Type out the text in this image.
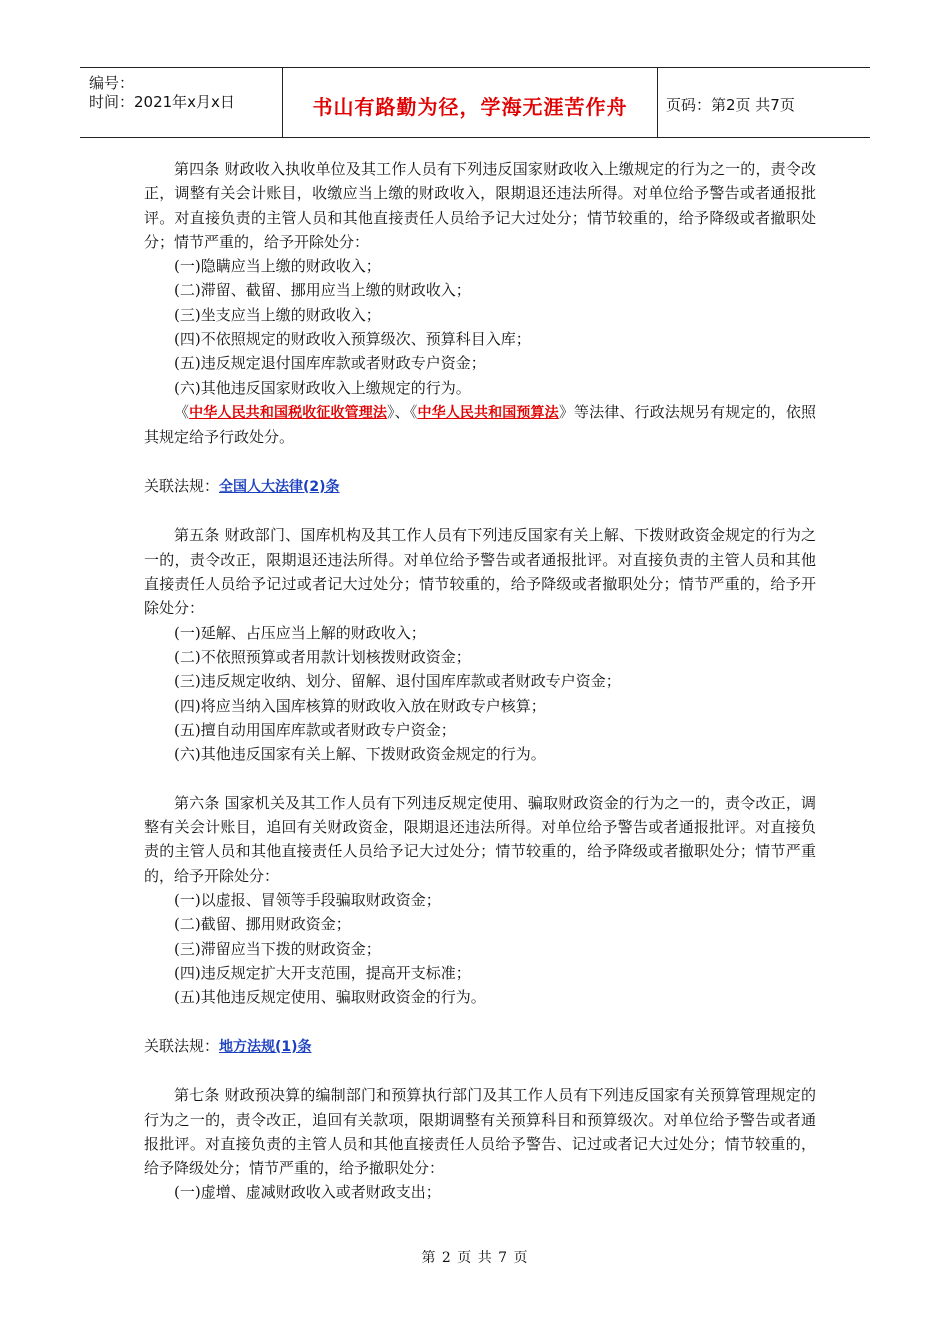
编号：
时间：2021年x月x日	书山有路勤为径，学海无涯苦作舟	页码：第2页 共7页

第四条 财政收入执收单位及其工作人员有下列违反国家财政收入上缴规定的行为之一的，责令改正，调整有关会计账目，收缴应当上缴的财政收入，限期退还违法所得。对单位给予警告或者通报批评。对直接负责的主管人员和其他直接责任人员给予记大过处分；情节较重的，给予降级或者撤职处分；情节严重的，给予开除处分：

(一)隐瞒应当上缴的财政收入；

(二)滞留、截留、挪用应当上缴的财政收入；

(三)坐支应当上缴的财政收入；

(四)不依照规定的财政收入预算级次、预算科目入库；

(五)违反规定退付国库库款或者财政专户资金；

(六)其他违反国家财政收入上缴规定的行为。

《中华人民共和国税收征收管理法》、《中华人民共和国预算法》等法律、行政法规另有规定的，依照其规定给予行政处分。

关联法规：全国人大法律(2)条

第五条 财政部门、国库机构及其工作人员有下列违反国家有关上解、下拨财政资金规定的行为之一的，责令改正，限期退还违法所得。对单位给予警告或者通报批评。对直接负责的主管人员和其他直接责任人员给予记过或者记大过处分；情节较重的，给予降级或者撤职处分；情节严重的，给予开除处分：

(一)延解、占压应当上解的财政收入；

(二)不依照预算或者用款计划核拨财政资金；

(三)违反规定收纳、划分、留解、退付国库库款或者财政专户资金；

(四)将应当纳入国库核算的财政收入放在财政专户核算；

(五)擅自动用国库库款或者财政专户资金；

(六)其他违反国家有关上解、下拨财政资金规定的行为。

第六条 国家机关及其工作人员有下列违反规定使用、骗取财政资金的行为之一的，责令改正，调整有关会计账目，追回有关财政资金，限期退还违法所得。对单位给予警告或者通报批评。对直接负责的主管人员和其他直接责任人员给予记大过处分；情节较重的，给予降级或者撤职处分；情节严重的，给予开除处分：

(一)以虚报、冒领等手段骗取财政资金；

(二)截留、挪用财政资金；

(三)滞留应当下拨的财政资金；

(四)违反规定扩大开支范围，提高开支标准；

(五)其他违反规定使用、骗取财政资金的行为。

关联法规：地方法规(1)条

第七条 财政预决算的编制部门和预算执行部门及其工作人员有下列违反国家有关预算管理规定的行为之一的，责令改正，追回有关款项，限期调整有关预算科目和预算级次。对单位给予警告或者通报批评。对直接负责的主管人员和其他直接责任人员给予警告、记过或者记大过处分；情节较重的，给予降级处分；情节严重的，给予撤职处分：

(一)虚增、虚减财政收入或者财政支出；

第 2 页 共 7 页
